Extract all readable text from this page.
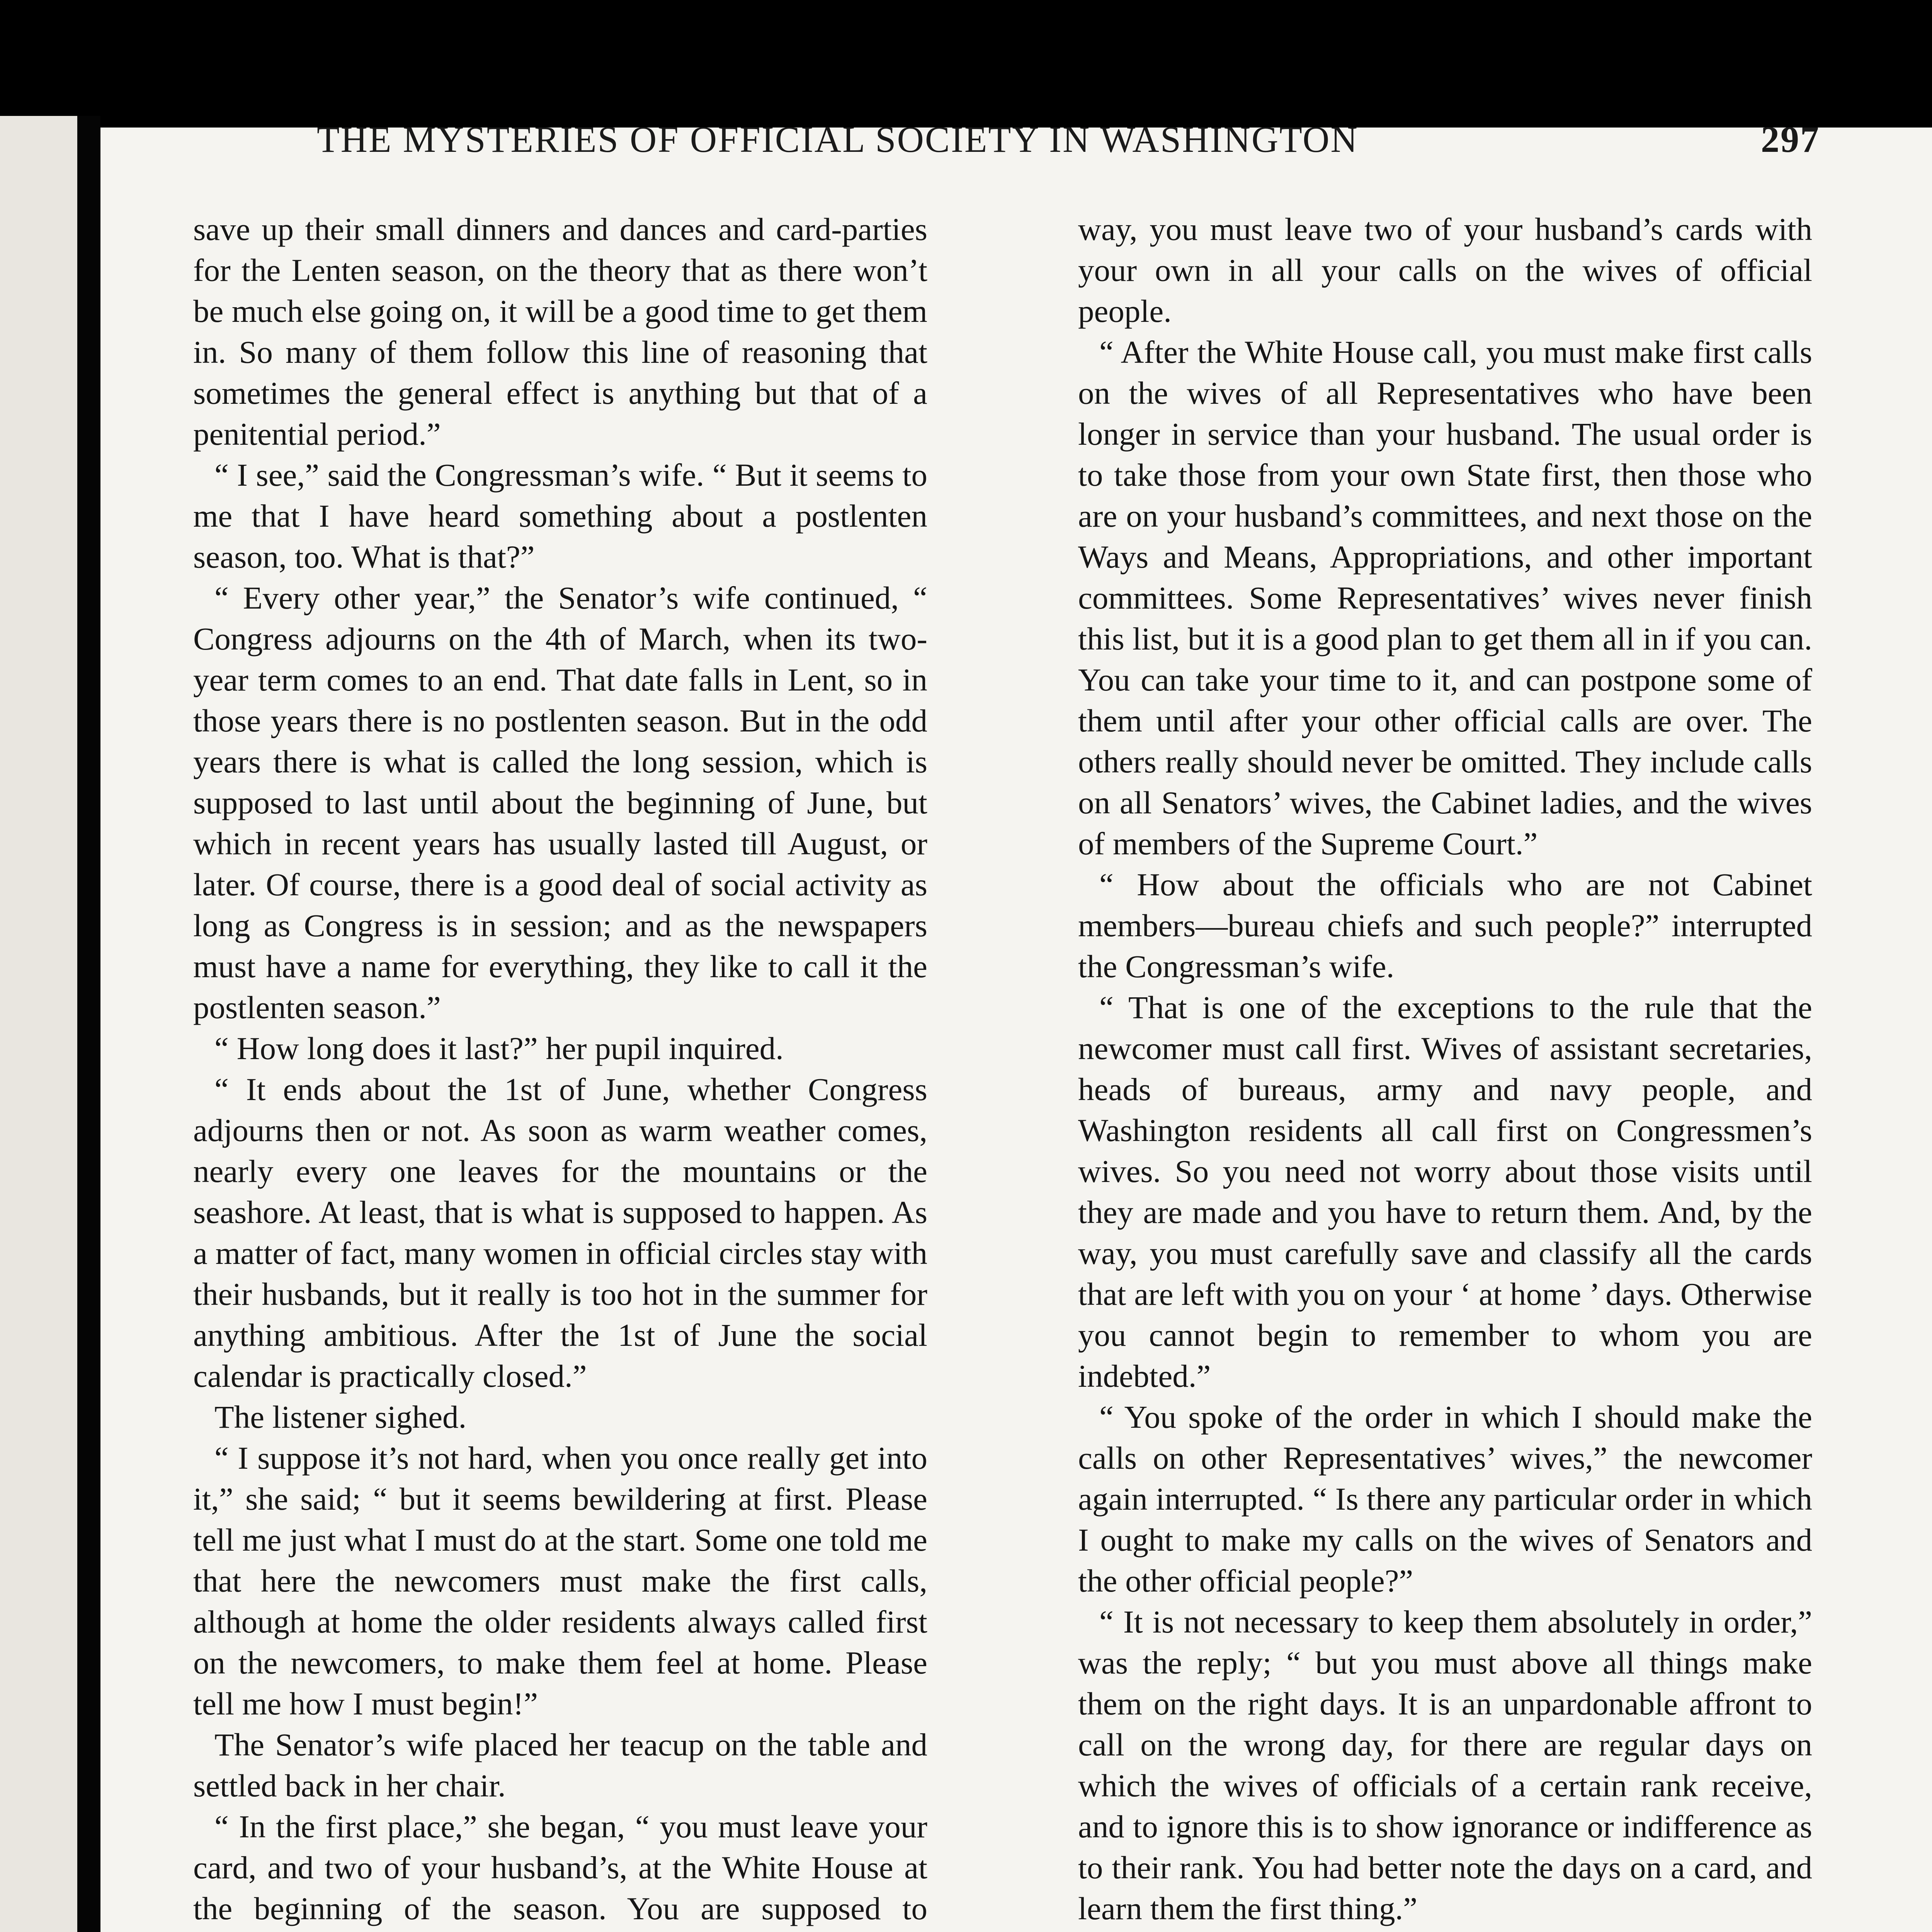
THE MYSTERIES OF OFFICIAL SOCIETY IN WASHINGTON	297

save up their small dinners and dances and card-parties for the Lenten season, on the theory that as there won’t be much else going on, it will be a good time to get them in. So many of them follow this line of reasoning that sometimes the general effect is anything but that of a penitential period.”

“ I see,” said the Congressman’s wife. “ But it seems to me that I have heard something about a postlenten season, too. What is that?”

“ Every other year,” the Senator’s wife continued, “ Congress adjourns on the 4th of March, when its two-year term comes to an end. That date falls in Lent, so in those years there is no postlenten season. But in the odd years there is what is called the long session, which is supposed to last until about the beginning of June, but which in recent years has usually lasted till August, or later. Of course, there is a good deal of social activity as long as Congress is in session; and as the newspapers must have a name for everything, they like to call it the postlenten season.”

“ How long does it last?” her pupil inquired.

“ It ends about the 1st of June, whether Congress adjourns then or not. As soon as warm weather comes, nearly every one leaves for the mountains or the seashore. At least, that is what is supposed to happen. As a matter of fact, many women in official circles stay with their husbands, but it really is too hot in the summer for anything ambitious. After the 1st of June the social calendar is practically closed.”

The listener sighed.

“ I suppose it’s not hard, when you once really get into it,” she said; “ but it seems bewildering at first. Please tell me just what I must do at the start. Some one told me that here the newcomers must make the first calls, although at home the older residents always called first on the newcomers, to make them feel at home. Please tell me how I must begin!”

The Senator’s wife placed her teacup on the table and settled back in her chair.

“ In the first place,” she began, “ you must leave your card, and two of your husband’s, at the White House at the beginning of the season. You are supposed to

way, you must leave two of your husband’s cards with your own in all your calls on the wives of official people.

“ After the White House call, you must make first calls on the wives of all Representatives who have been longer in service than your husband. The usual order is to take those from your own State first, then those who are on your husband’s committees, and next those on the Ways and Means, Appropriations, and other important committees. Some Representatives’ wives never finish this list, but it is a good plan to get them all in if you can. You can take your time to it, and can postpone some of them until after your other official calls are over. The others really should never be omitted. They include calls on all Senators’ wives, the Cabinet ladies, and the wives of members of the Supreme Court.”

“ How about the officials who are not Cabinet members—bureau chiefs and such people?” interrupted the Congressman’s wife.

“ That is one of the exceptions to the rule that the newcomer must call first. Wives of assistant secretaries, heads of bureaus, army and navy people, and Washington residents all call first on Congressmen’s wives. So you need not worry about those visits until they are made and you have to return them. And, by the way, you must carefully save and classify all the cards that are left with you on your ‘ at home ’ days. Otherwise you cannot begin to remember to whom you are indebted.”

“ You spoke of the order in which I should make the calls on other Representatives’ wives,” the newcomer again interrupted. “ Is there any particular order in which I ought to make my calls on the wives of Senators and the other official people?”

“ It is not necessary to keep them absolutely in order,” was the reply; “ but you must above all things make them on the right days. It is an unpardonable affront to call on the wrong day, for there are regular days on which the wives of officials of a certain rank receive, and to ignore this is to show ignorance or indifference as to their rank. You had better note the days on a card, and learn them the first thing.”
